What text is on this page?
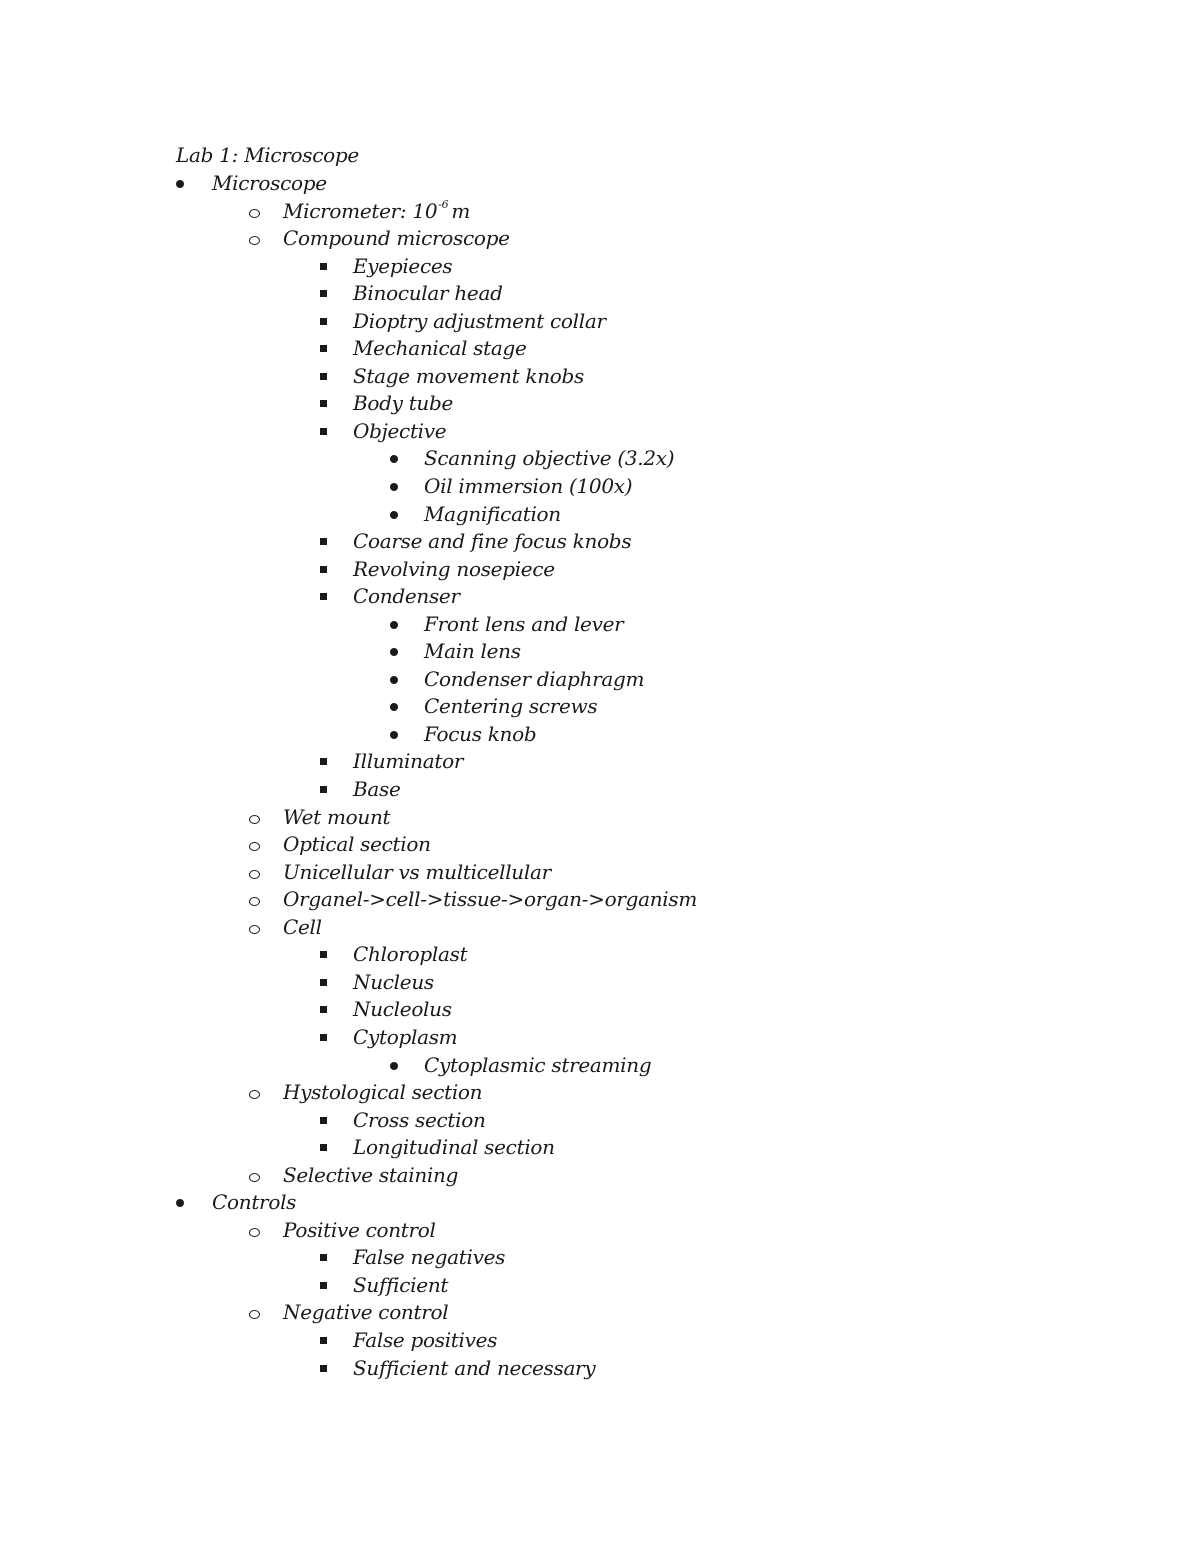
Lab 1: Microscope
Microscope
Micrometer: $10^{-6}$ m
Compound microscope
Eyepieces
Binocular head
Dioptry adjustment collar
Mechanical stage
Stage movement knobs
Body tube
Objective
Scanning objective (3.2x)
Oil immersion (100x)
Magnification
Coarse and fine focus knobs
Revolving nosepiece
Condenser
Front lens and lever
Main lens
Condenser diaphragm
Centering screws
Focus knob
Illuminator
Base
Wet mount
Optical section
Unicellular vs multicellular
Organel->cell->tissue->organ->organism
Cell
Chloroplast
Nucleus
Nucleolus
Cytoplasm
Cytoplasmic streaming
Hystological section
Cross section
Longitudinal section
Selective staining
Controls
Positive control
False negatives
Sufficient
Negative control
False positives
Sufficient and necessary
